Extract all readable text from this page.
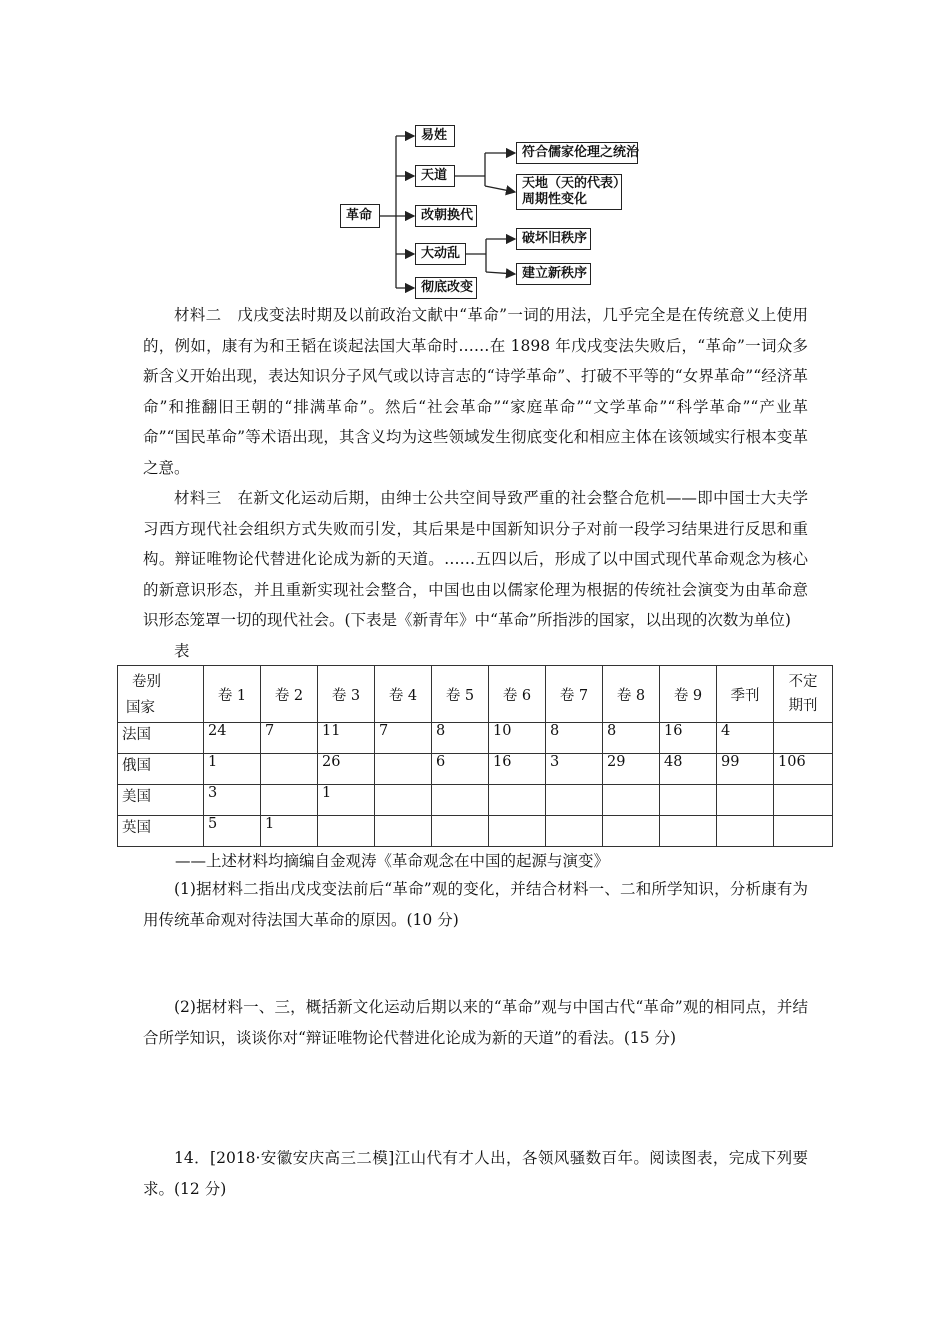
革命
易姓
天道
改朝换代
大动乱
彻底改变
符合儒家伦理之统治
天地（天的代表）
周期性变化
破坏旧秩序
建立新秩序

材料二　 戊戌变法时期及以前政治文献中“革命”一词的用法，几乎完全是在传统意义上使用的，例如，康有为和王韬在谈起法国大革命时……在 1898 年戊戌变法失败后，“革命”一词众多新含义开始出现，表达知识分子风气或以诗言志的“诗学革命”、打破不平等的“女界革命”“经济革命”和推翻旧王朝的“排满革命”。然后“社会革命”“家庭革命”“文学革命”“科学革命”“产业革命”“国民革命”等术语出现，其含义均为这些领域发生彻底变化和相应主体在该领域实行根本变革之意。

材料三　 在新文化运动后期，由绅士公共空间导致严重的社会整合危机——即中国士大夫学习西方现代社会组织方式失败而引发，其后果是中国新知识分子对前一段学习结果进行反思和重构。辩证唯物论代替进化论成为新的天道。……五四以后，形成了以中国式现代革命观念为核心的新意识形态，并且重新实现社会整合，中国也由以儒家伦理为根据的传统社会演变为由革命意识形态笼罩一切的现代社会。(下表是《新青年》中“革命”所指涉的国家，以出现的次数为单位)

表

卷别
国家	卷 1	卷 2	卷 3	卷 4	卷 5	卷 6	卷 7	卷 8	卷 9	季刊	不定
期刊
法国	24	7	11	7	8	10	8	8	16	4	
俄国	1		26		6	16	3	29	48	99	106
美国	3		1								
英国	5	1									
——上述材料均摘编自金观涛《革命观念在中国的起源与演变》

(1)据材料二指出戊戌变法前后“革命”观的变化，并结合材料一、二和所学知识，分析康有为用传统革命观对待法国大革命的原因。(10 分)

(2)据材料一、三，概括新文化运动后期以来的“革命”观与中国古代“革命”观的相同点，并结合所学知识，谈谈你对“辩证唯物论代替进化论成为新的天道”的看法。(15 分)

14．[2018·安徽安庆高三二模]江山代有才人出，各领风骚数百年。阅读图表，完成下列要求。(12 分)
